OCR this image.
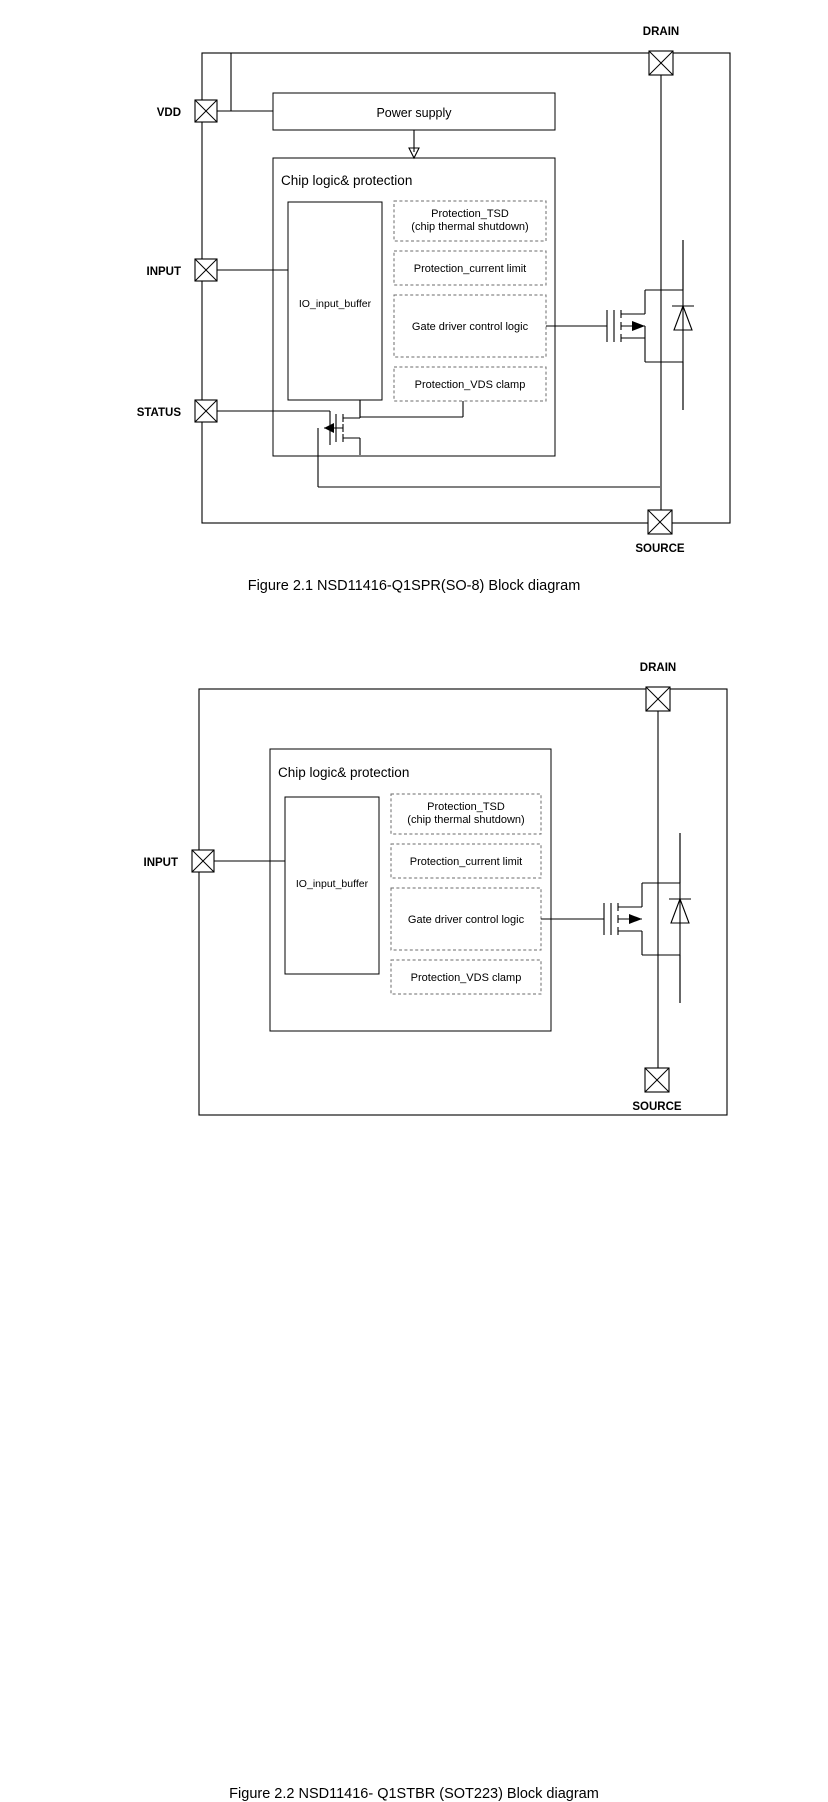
VDD
INPUT
STATUS
DRAIN
SOURCE
Power supply
Chip logic& protection
IO_input_buffer
Protection_TSD
(chip thermal shutdown)
Protection_current limit
Gate driver control logic
Protection_VDS clamp
Figure 2.1 NSD11416-Q1SPR(SO-8) Block diagram
INPUT
DRAIN
SOURCE
Chip logic& protection
IO_input_buffer
Protection_TSD
(chip thermal shutdown)
Protection_current limit
Gate driver control logic
Protection_VDS clamp
Figure 2.2 NSD11416- Q1STBR (SOT223) Block diagram
